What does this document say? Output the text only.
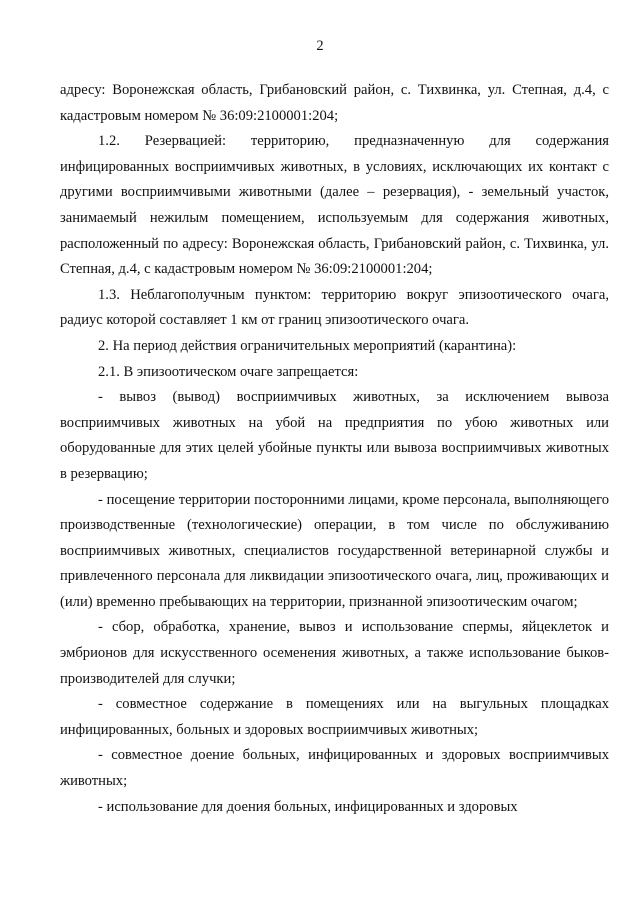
2

адресу: Воронежская область, Грибановский район, с. Тихвинка, ул. Степная, д.4, с кадастровым номером № 36:09:2100001:204;

1.2. Резервацией: территорию, предназначенную для содержания инфицированных восприимчивых животных, в условиях, исключающих их контакт с другими восприимчивыми животными (далее – резервация), - земельный участок, занимаемый нежилым помещением, используемым для содержания животных, расположенный по адресу: Воронежская область, Грибановский район, с. Тихвинка, ул. Степная, д.4, с кадастровым номером № 36:09:2100001:204;

1.3. Неблагополучным пунктом: территорию вокруг эпизоотического очага, радиус которой составляет 1 км от границ эпизоотического очага.

2. На период действия ограничительных мероприятий (карантина):

2.1. В эпизоотическом очаге запрещается:

- вывоз (вывод) восприимчивых животных, за исключением вывоза восприимчивых животных на убой на предприятия по убою животных или оборудованные для этих целей убойные пункты или вывоза восприимчивых животных в резервацию;

- посещение территории посторонними лицами, кроме персонала, выполняющего производственные (технологические) операции, в том числе по обслуживанию восприимчивых животных, специалистов государственной ветеринарной службы и привлеченного персонала для ликвидации эпизоотического очага, лиц, проживающих и (или) временно пребывающих на территории, признанной эпизоотическим очагом;

- сбор, обработка, хранение, вывоз и использование спермы, яйцеклеток и эмбрионов для искусственного осеменения животных, а также использование быков-производителей для случки;

- совместное содержание в помещениях или на выгульных площадках инфицированных, больных и здоровых восприимчивых животных;

- совместное доение больных, инфицированных и здоровых восприимчивых животных;

- использование для доения больных, инфицированных и здоровых
